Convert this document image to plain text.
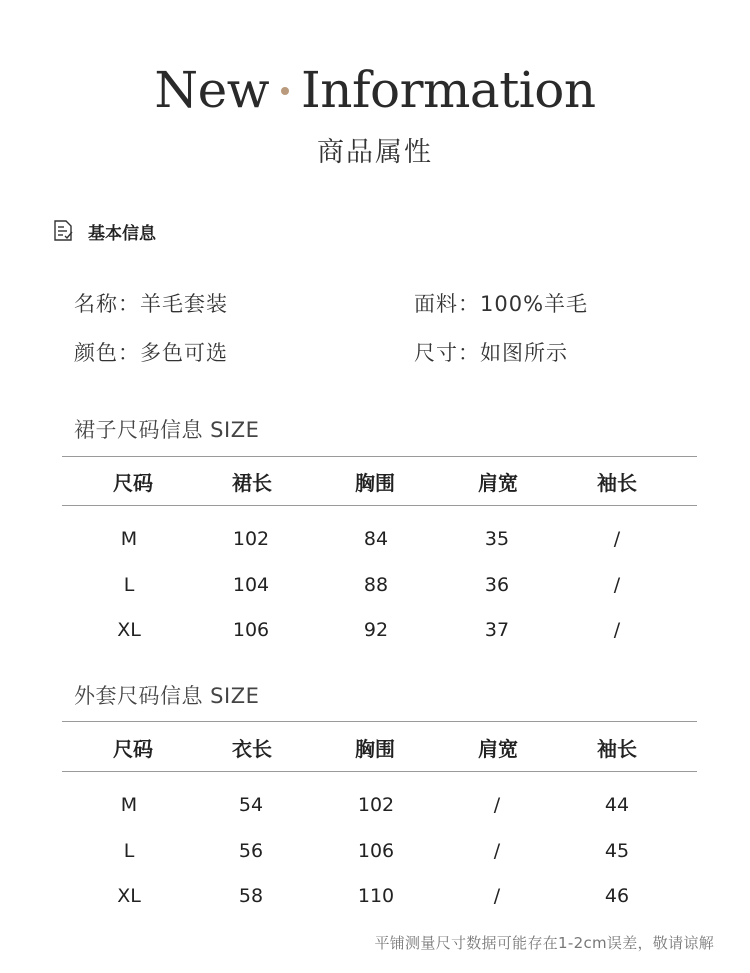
New Information
商品属性
基本信息
名称：羊毛套装	面料：100%羊毛
颜色：多色可选	尺寸：如图所示
裙子尺码信息 SIZE
尺码	裙长	胸围	肩宽	袖长
M	102	84	35	/
L	104	88	36	/
XL	106	92	37	/
外套尺码信息 SIZE
尺码	衣长	胸围	肩宽	袖长
M	54	102	/	44
L	56	106	/	45
XL	58	110	/	46
平铺测量尺寸数据可能存在1-2cm误差，敬请谅解
